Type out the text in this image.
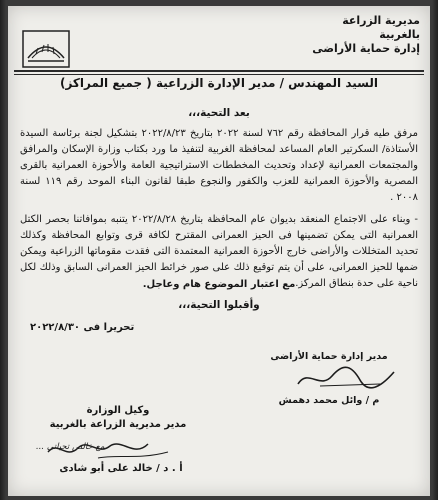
مديرية الزراعة بالغربية
إدارة حماية الأراضى
السيد المهندس / مدير الإدارة الزراعية ( جميع المراكز)
بعد التحية،،،

مرفق طيه قرار المحافظة رقم ٧٦٢ لسنة ٢٠٢٢ بتاريخ ٢٠٢٢/٨/٢٣ بتشكيل لجنة برئاسة السيدة الأستاذة/ السكرتير العام المساعد لمحافظة الغربية لتنفيذ ما ورد بكتاب وزارة الإسكان والمرافق والمجتمعات العمرانية لإعداد وتحديث المخططات الاستراتيجية العامة والأحوزة العمرانية بالقرى المصرية والأحوزة العمرانية للعزب والكفور والنجوع طبقا لقانون البناء الموحد رقم ١١٩ لسنة ٢٠٠٨ .

- وبناء على الاجتماع المنعقد بديوان عام المحافظة بتاريخ ٢٠٢٢/٨/٢٨ يتنبه بموافاتنا بحصر الكتل العمرانية التى يمكن تضمينها فى الحيز العمرانى المقترح لكافة قرى وتوابع المحافظة وكذلك تحديد المتخللات والأراضى خارج الأحوزة العمرانية المعتمدة التى فقدت مقوماتها الزراعية ويمكن ضمها للحيز العمرانى، على أن يتم توقيع ذلك على صور خرائط الحيز العمرانى السابق وذلك لكل ناحية على حدة بنطاق المركز.

مع اعتبار الموضوع هام وعاجل.
وأقبلوا التحية،،،
تحريرا فى ٢٠٢٢/٨/٣٠
مدير إدارة حماية الأراضى
م / وائل محمد دهمش
وكيل الوزارة
مدير مديرية الزراعة بالغربية
مع خالص تحياتى ...
أ . د / خالد على أبو شادى
